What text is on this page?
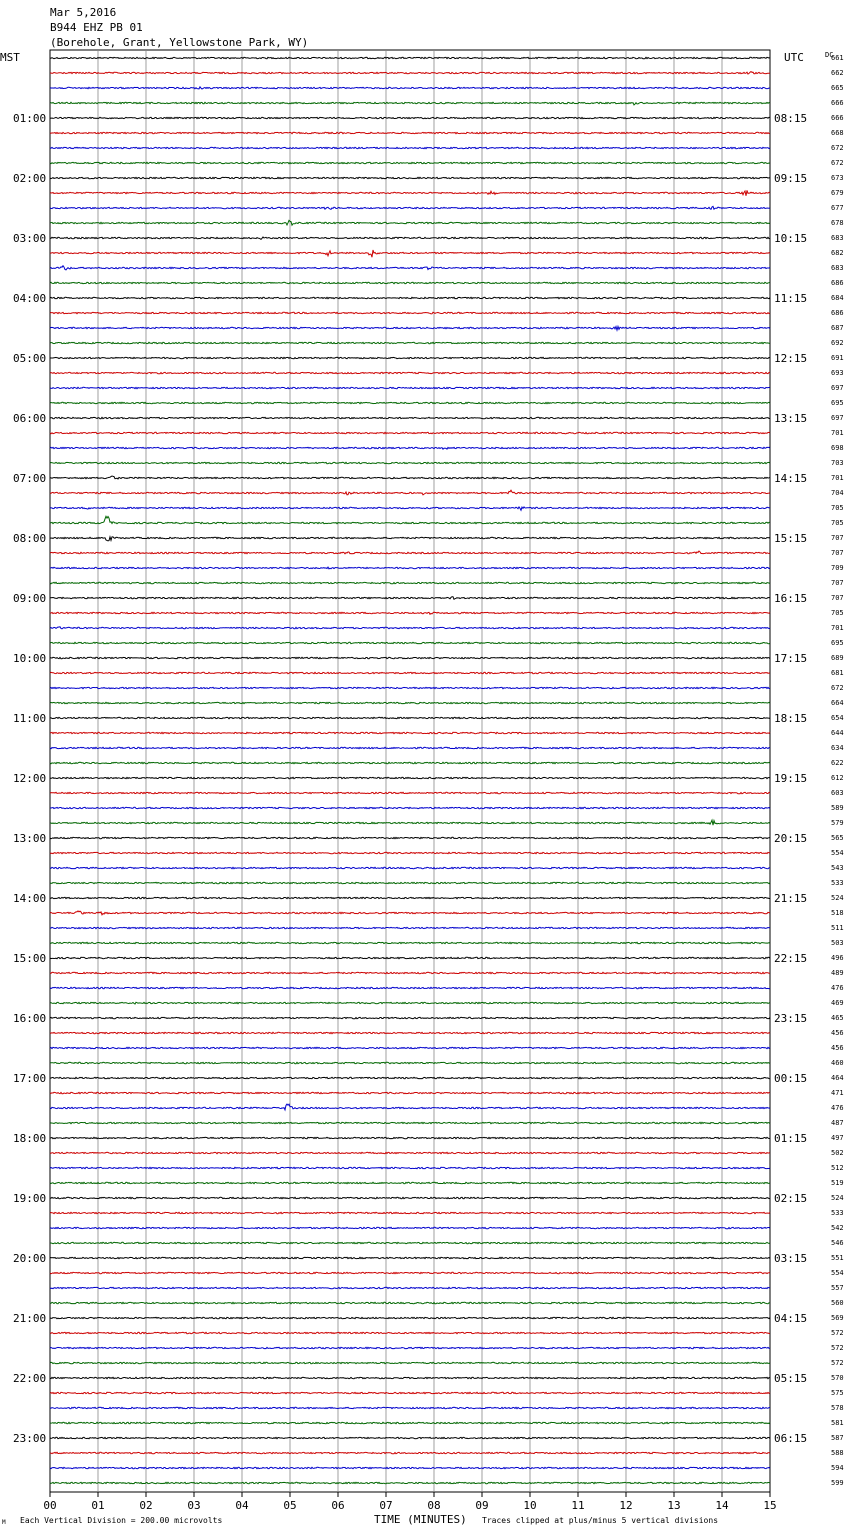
Mar 5,2016
B944 EHZ PB 01
(Borehole, Grant, Yellowstone Park, WY)
MST	UTC	DC
00	01	02	03	04	05	06	07	08	09	10	11	12	13	14	15
661
662
665
666
666
01:00	08:15
668
672
672
673
02:00	09:15
679
677
678
683
03:00	10:15
682
683
686
684
04:00	11:15
686
687
692
691
05:00	12:15
693
697
695
697
06:00	13:15
701
698
703
701
07:00	14:15
704
705
705
707
08:00	15:15
707
709
707
707
09:00	16:15
705
701
695
689
10:00	17:15
681
672
664
654
11:00	18:15
644
634
622
612
12:00	19:15
603
589
579
565
13:00	20:15
554
543
533
524
14:00	21:15
518
511
503
496
15:00	22:15
489
476
469
465
16:00	23:15
456
456
460
464
17:00	00:15
471
476
487
497
18:00	01:15
502
512
519
524
19:00	02:15
533
542
546
551
20:00	03:15
554
557
560
569
21:00	04:15
572
572
572
570
22:00	05:15
575
578
581
587
23:00	06:15
588
594
599
M Each Vertical Division = 200.00 microvolts	TIME (MINUTES) Traces clipped at plus/minus 5 vertical divisions
